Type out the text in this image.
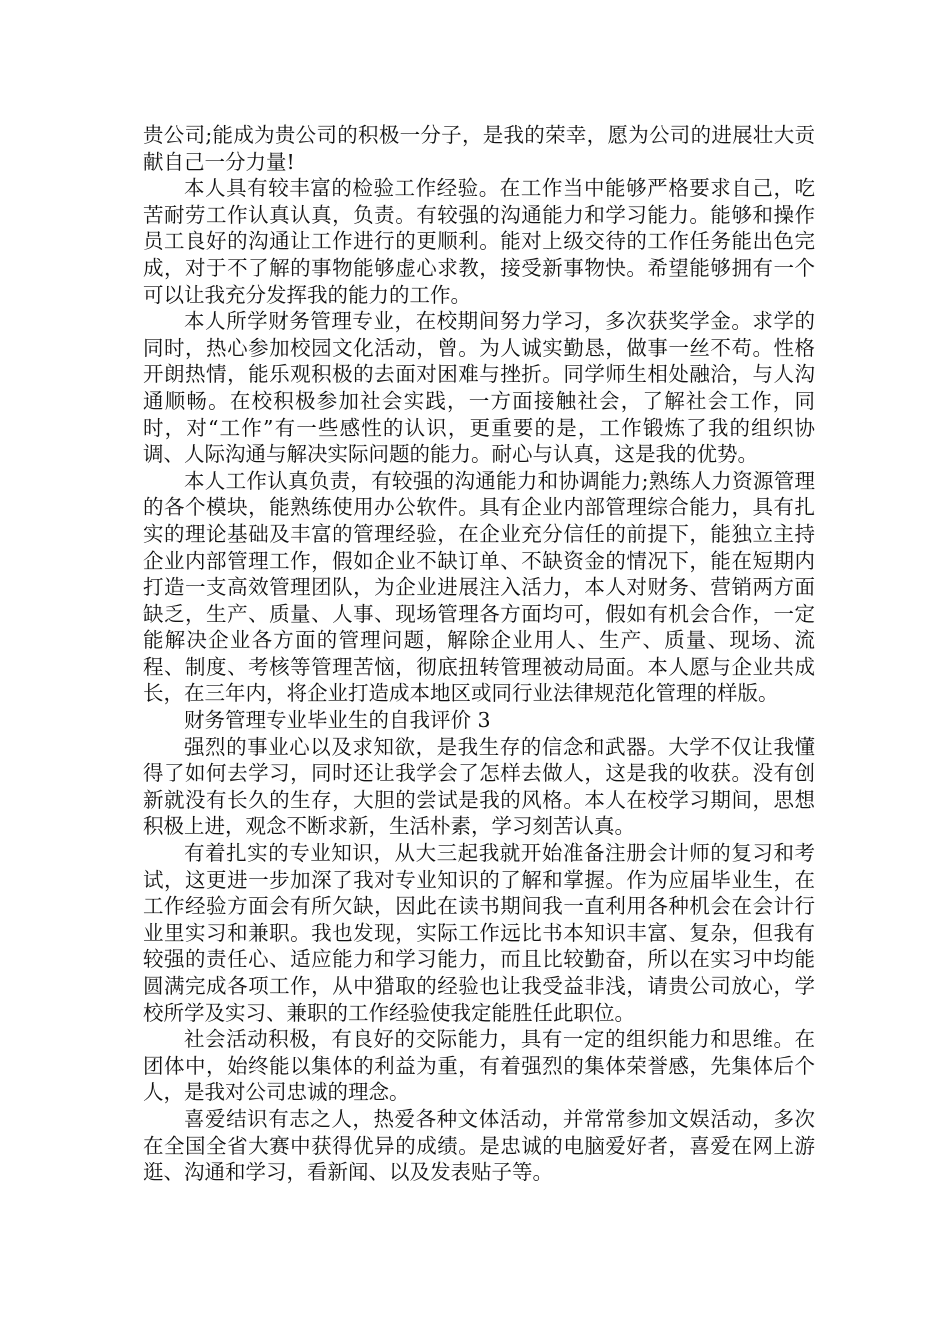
贵公司;能成为贵公司的积极一分子，是我的荣幸，愿为公司的进展壮大贡献自己一分力量!

本人具有较丰富的检验工作经验。在工作当中能够严格要求自己，吃苦耐劳工作认真认真，负责。有较强的沟通能力和学习能力。能够和操作员工良好的沟通让工作进行的更顺利。能对上级交待的工作任务能出色完成，对于不了解的事物能够虚心求教，接受新事物快。希望能够拥有一个可以让我充分发挥我的能力的工作。

本人所学财务管理专业，在校期间努力学习，多次获奖学金。求学的同时，热心参加校园文化活动，曾。为人诚实勤恳，做事一丝不苟。性格开朗热情，能乐观积极的去面对困难与挫折。同学师生相处融洽，与人沟通顺畅。在校积极参加社会实践，一方面接触社会，了解社会工作，同时，对“工作”有一些感性的认识，更重要的是，工作锻炼了我的组织协调、人际沟通与解决实际问题的能力。耐心与认真，这是我的优势。

本人工作认真负责，有较强的沟通能力和协调能力;熟练人力资源管理的各个模块，能熟练使用办公软件。具有企业内部管理综合能力，具有扎实的理论基础及丰富的管理经验，在企业充分信任的前提下，能独立主持企业内部管理工作，假如企业不缺订单、不缺资金的情况下，能在短期内打造一支高效管理团队，为企业进展注入活力，本人对财务、营销两方面缺乏，生产、质量、人事、现场管理各方面均可，假如有机会合作，一定能解决企业各方面的管理问题，解除企业用人、生产、质量、现场、流程、制度、考核等管理苦恼，彻底扭转管理被动局面。本人愿与企业共成长，在三年内，将企业打造成本地区或同行业法律规范化管理的样版。

财务管理专业毕业生的自我评价 3

强烈的事业心以及求知欲，是我生存的信念和武器。大学不仅让我懂得了如何去学习，同时还让我学会了怎样去做人，这是我的收获。没有创新就没有长久的生存，大胆的尝试是我的风格。本人在校学习期间，思想积极上进，观念不断求新，生活朴素，学习刻苦认真。

有着扎实的专业知识，从大三起我就开始准备注册会计师的复习和考试，这更进一步加深了我对专业知识的了解和掌握。作为应届毕业生，在工作经验方面会有所欠缺，因此在读书期间我一直利用各种机会在会计行业里实习和兼职。我也发现，实际工作远比书本知识丰富、复杂，但我有较强的责任心、适应能力和学习能力，而且比较勤奋，所以在实习中均能圆满完成各项工作，从中猎取的经验也让我受益非浅，请贵公司放心，学校所学及实习、兼职的工作经验使我定能胜任此职位。

社会活动积极，有良好的交际能力，具有一定的组织能力和思维。在团体中，始终能以集体的利益为重，有着强烈的集体荣誉感，先集体后个人，是我对公司忠诚的理念。

喜爱结识有志之人，热爱各种文体活动，并常常参加文娱活动，多次在全国全省大赛中获得优异的成绩。是忠诚的电脑爱好者，喜爱在网上游逛、沟通和学习，看新闻、以及发表贴子等。
